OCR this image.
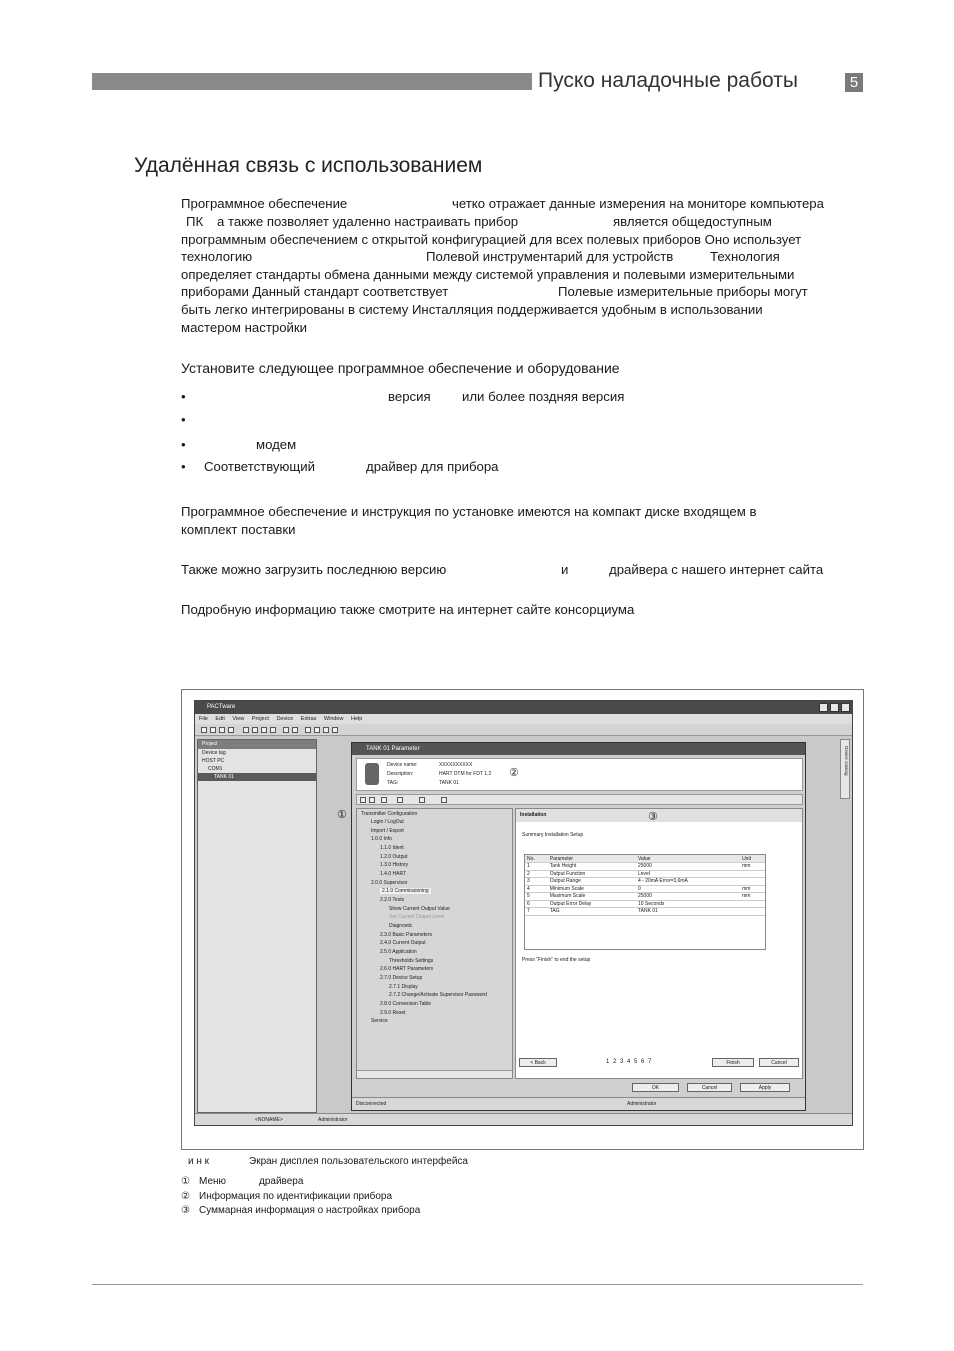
Пуско наладочные работы	5
Удалённая связь с использованием
Программное обеспечение	четко отражает данные измерения на мониторе компьютера
ПК а также позволяет удаленно настраивать прибор	является общедоступным
программным обеспечением с открытой конфигурацией для всех полевых приборов Оно использует
технологию	Полевой инструментарий для устройств	Технология
определяет стандарты обмена данными между системой управления и полевыми измерительными
приборами Данный стандарт соответствует	Полевые измерительные приборы могут
быть легко интегрированы в систему Инсталляция поддерживается удобным в использовании
мастером настройки
Установите следующее программное обеспечение и оборудование
•	версия или более поздняя версия
•
•	модем
• Соответствующий	драйвер для прибора
Программное обеспечение и инструкция по установке имеются на компакт диске входящем в
комплект поставки
Также можно загрузить последнюю версию	и	драйвера с нашего интернет сайта
Подробную информацию также смотрите на интернет сайте консорциума
PACTware
File Edit View Project Device Extras Window Help
Project
Device tag
HOST PC
COM1
TANK 01
Device catalog
<NONAME>	Administrator
TANK 01 Parameter
Device name:	XXXXXXXXXX
Description:	HART DTM for FDT 1.2
TAG:	TANK 01
Transmitter Configuration
Login / LogOut
Import / Export
1.0.0 Info
1.1.0 Ident
1.2.0 Output
1.3.0 History
1.4.0 HART
2.0.0 Supervisor
2.1.0 Commissioning
2.2.0 Tests
Show Current Output Value
Set Current Output Level
Diagnostic
2.3.0 Basic Parameters
2.4.0 Current Output
2.5.0 Application
Thresholds Settings
2.6.0 HART Parameters
2.7.0 Device Setup
2.7.1 Display
2.7.2 Change/Activate Supervisor Password
2.8.0 Conversion Table
2.9.0 Reset
Service
Installation
Summary Installation Setup
No.	Parameter	Value	Unit
1	Tank Height	25000	mm
2	Output Function	Level	
3	Output Range	4 - 20mA Error=3,6mA	
4	Minimum Scale	0	mm
5	Maximum Scale	25000	mm
6	Output Error Delay	10 Seconds	
7	TAG	TANK 01	
Press "Finish" to end the setup
< Back	1 2 3 4 5 6 7	Finish	Cancel
OK	Cancel	Apply
Disconnected	Administrator
①
②
③
и н к	Экран дисплея пользовательского интерфейса
① Меню	драйвера
② Информация по идентификации прибора
③ Суммарная информация о настройках прибора
